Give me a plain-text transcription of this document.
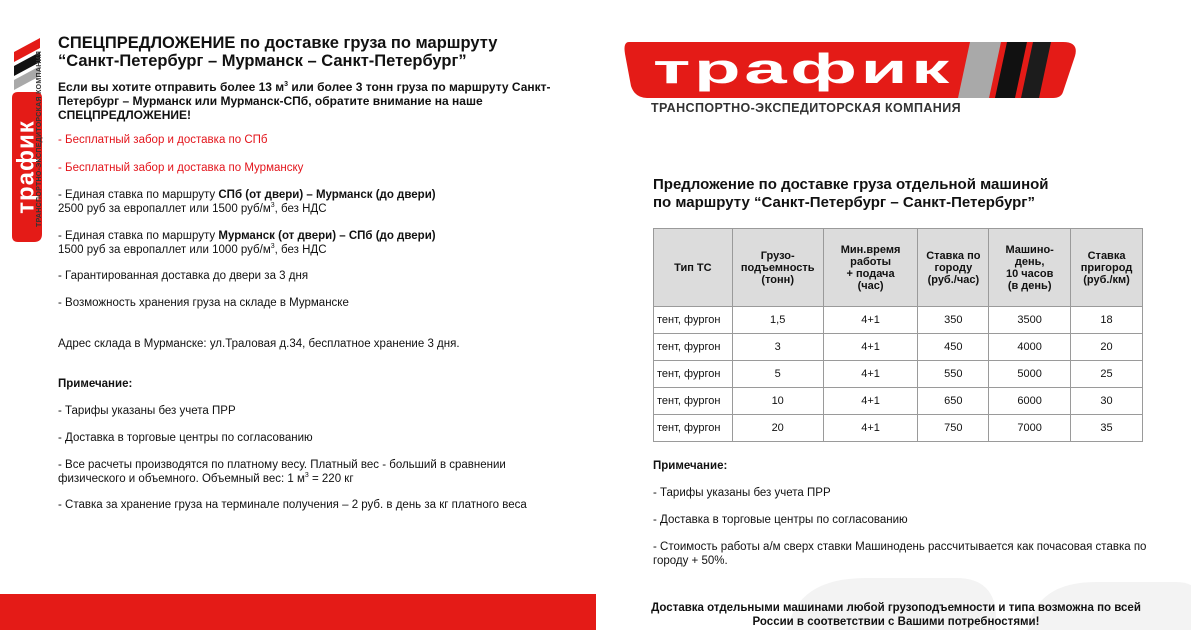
трафик
ТРАНСПОРТНО-ЭКСПЕДИТОРСКАЯ КОМПАНИЯ
СПЕЦПРЕДЛОЖЕНИЕ по доставке груза по маршруту
“Санкт-Петербург – Мурманск – Санкт-Петербург”
Если вы хотите отправить более 13 $м^3$ или более 3 тонн груза по маршруту Санкт-Петербург – Мурманск или Мурманск-СПб, обратите внимание на наше СПЕЦПРЕДЛОЖЕНИЕ!
- Бесплатный забор и доставка по СПб
- Бесплатный забор и доставка по Мурманску
- Единая ставка по маршруту СПб (от двери) – Мурманск (до двери)
2500 руб за европаллет или 1500 руб/$м^3$, без НДС
- Единая ставка по маршруту Мурманск (от двери) – СПб (до двери)
1500 руб за европаллет или 1000 руб/$м^3$, без НДС
- Гарантированная доставка до двери за 3 дня
- Возможность хранения груза на складе в Мурманске
Адрес склада в Мурманске: ул.Траловая д.34, бесплатное хранение 3 дня.
Примечание:
- Тарифы указаны без учета ПРР
- Доставка в торговые центры по согласованию
- Все расчеты производятся по платному весу. Платный вес - больший в сравнении физического и объемного. Объемный вес: 1 $м^3 = 220$ кг
- Ставка за хранение груза на терминале получения – 2 руб. в день за кг платного веса
трафик
ТРАНСПОРТНО-ЭКСПЕДИТОРСКАЯ КОМПАНИЯ
Предложение по доставке груза отдельной машиной
по маршруту “Санкт-Петербург – Санкт-Петербург”
Тип ТС	Грузо-
подъемность
(тонн)	Мин.время
работы
+ подача
(час)	Ставка по
городу
(руб./час)	Машино-
день,
10 часов
(в день)	Ставка
пригород
(руб./км)
тент, фургон	1,5	4+1	350	3500	18
тент, фургон	3	4+1	450	4000	20
тент, фургон	5	4+1	550	5000	25
тент, фургон	10	4+1	650	6000	30
тент, фургон	20	4+1	750	7000	35
Примечание:
- Тарифы указаны без учета ПРР
- Доставка в торговые центры по согласованию
- Стоимость работы а/м сверх ставки Машинодень рассчитывается как почасовая ставка по городу + 50%.
Доставка отдельными машинами любой грузоподъемности и типа возможна по всей России в соответствии с Вашими потребностями!
